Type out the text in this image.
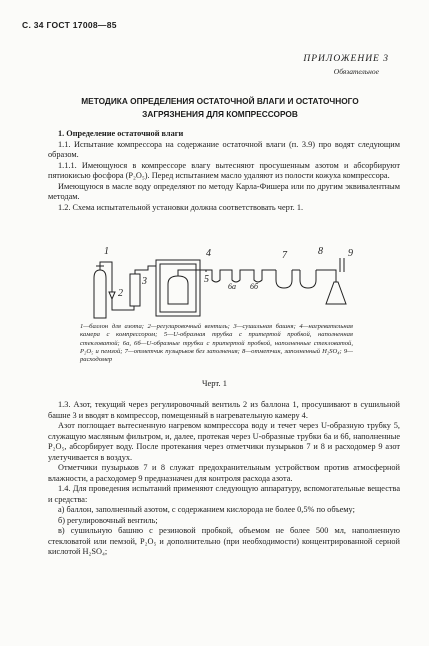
С. 34 ГОСТ 17008—85
ПРИЛОЖЕНИЕ 3
Обязательное
МЕТОДИКА ОПРЕДЕЛЕНИЯ ОСТАТОЧНОЙ ВЛАГИ И ОСТАТОЧНОГО
ЗАГРЯЗНЕНИЯ ДЛЯ КОМПРЕССОРОВ

1. Определение остаточной влаги

1.1. Испытание компрессора на содержание остаточной влаги (п. 3.9) про водят следующим образом.

1.1.1. Имеющуюся в компрессоре влагу вытесняют просушенным азотом и абсорбируют пятиокисью фосфора (P₂O₅). Перед испытанием масло удаляют из полости кожуха компрессора.

Имеющуюся в масле воду определяют по методу Карла-Фишера или по другим эквивалентным методам.

1.2. Схема испытательной установки должна соответствовать черт. 1.

1
2
3
4
5
6а 6б
7	8	9
1—баллон для азота; 2—регулировочный вентиль; 3—сушильная башня; 4—нагревательная камера с компрессором; 5—U-образная трубка с притертой пробкой, наполненная стекловатой; 6а, 6б—U-образные трубки с притертой пробкой, наполненные стекловатой, P₂O₅ и пемзой; 7—отметчик пузырьков без заполнения; 8—отметчик, заполненный H₂SO₄; 9—расходомер
Черт. 1

1.3. Азот, текущий через регулировочный вентиль 2 из баллона 1, просушивают в сушильной башне 3 и вводят в компрессор, помещенный в нагревательную камеру 4.

Азот поглощает вытесненную нагревом компрессора воду и течет через U-образную трубку 5, служащую масляным фильтром, и, далее, протекая через U-образные трубки 6а и 6б, наполненные P₂O₅, абсорбирует воду. После протекания через отметчики пузырьков 7 и 8 и расходомер 9 азот улетучивается в воздух.

Отметчики пузырьков 7 и 8 служат предохранительным устройством против атмосферной влажности, а расходомер 9 предназначен для контроля расхода азота.

1.4. Для проведения испытаний применяют следующую аппаратуру, вспомогательные вещества и средства:

а) баллон, заполненный азотом, с содержанием кислорода не более 0,5% по объему;

б) регулировочный вентиль;

в) сушильную башню с резиновой пробкой, объемом не более 500 мл, наполненную стекловатой или пемзой, P₂O₅ и дополнительно (при необходимости) концентрированной серной кислотой H₂SO₄;
